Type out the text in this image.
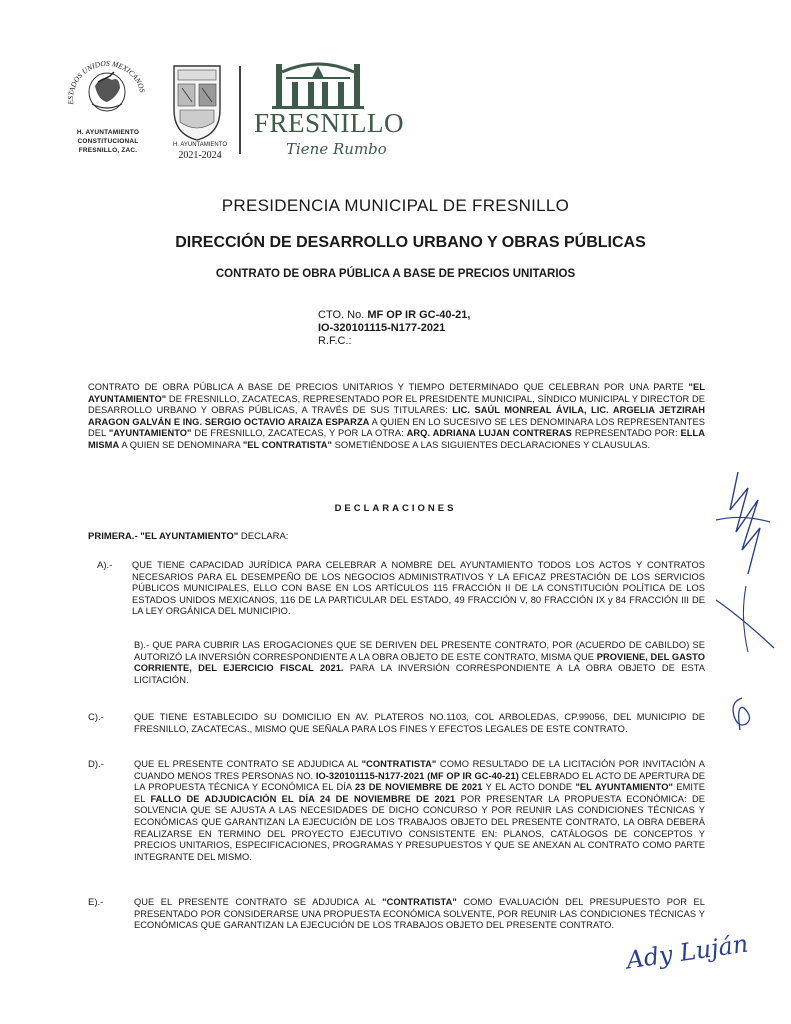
ESTADOS UNIDOS MEXICANOS
H. AYUNTAMIENTO
CONSTITUCIONAL
FRESNILLO, ZAC.
H. AYUNTAMIENTO
2021-2024
FRESNILLO
Tiene Rumbo
PRESIDENCIA MUNICIPAL DE FRESNILLO
DIRECCIÓN DE DESARROLLO URBANO Y OBRAS PÚBLICAS
CONTRATO DE OBRA PÚBLICA A BASE DE PRECIOS UNITARIOS
CTO. No. MF OP IR GC-40-21,
IO-320101115-N177-2021
R.F.C.:
CONTRATO DE OBRA PÚBLICA A BASE DE PRECIOS UNITARIOS Y TIEMPO DETERMINADO QUE CELEBRAN POR UNA PARTE "EL AYUNTAMIENTO" DE FRESNILLO, ZACATECAS, REPRESENTADO POR EL PRESIDENTE MUNICIPAL, SÍNDICO MUNICIPAL Y DIRECTOR DE DESARROLLO URBANO Y OBRAS PÚBLICAS, A TRAVÉS DE SUS TITULARES: LIC. SAÚL MONREAL ÁVILA, LIC. ARGELIA JETZIRAH ARAGON GALVÁN E ING. SERGIO OCTAVIO ARAIZA ESPARZA A QUIEN EN LO SUCESIVO SE LES DENOMINARA LOS REPRESENTANTES DEL "AYUNTAMIENTO" DE FRESNILLO, ZACATECAS, Y POR LA OTRA: ARQ. ADRIANA LUJAN CONTRERAS REPRESENTADO POR: ELLA MISMA A QUIEN SE DENOMINARA "EL CONTRATISTA" SOMETIÉNDOSE A LAS SIGUIENTES DECLARACIONES Y CLAUSULAS.
DECLARACIONES
PRIMERA.- "EL AYUNTAMIENTO" DECLARA:
A).- QUE TIENE CAPACIDAD JURÍDICA PARA CELEBRAR A NOMBRE DEL AYUNTAMIENTO TODOS LOS ACTOS Y CONTRATOS NECESARIOS PARA EL DESEMPEÑO DE LOS NEGOCIOS ADMINISTRATIVOS Y LA EFICAZ PRESTACIÓN DE LOS SERVICIOS PÚBLICOS MUNICIPALES, ELLO CON BASE EN LOS ARTÍCULOS 115 FRACCIÓN II DE LA CONSTITUCIÓN POLÍTICA DE LOS ESTADOS UNIDOS MEXICANOS, 116 DE LA PARTICULAR DEL ESTADO, 49 FRACCIÓN V, 80 FRACCIÓN IX y 84 FRACCIÓN III DE LA LEY ORGÁNICA DEL MUNICIPIO.
B).- QUE PARA CUBRIR LAS EROGACIONES QUE SE DERIVEN DEL PRESENTE CONTRATO, POR (ACUERDO DE CABILDO) SE AUTORIZÓ LA INVERSIÓN CORRESPONDIENTE A LA OBRA OBJETO DE ESTE CONTRATO, MISMA QUE PROVIENE, DEL GASTO CORRIENTE, DEL EJERCICIO FISCAL 2021. PARA LA INVERSIÓN CORRESPONDIENTE A LA OBRA OBJETO DE ESTA LICITACIÓN.
C).-	QUE TIENE ESTABLECIDO SU DOMICILIO EN AV. PLATEROS NO.1103, COL ARBOLEDAS, CP.99056, DEL MUNICIPIO DE FRESNILLO, ZACATECAS., MISMO QUE SEÑALA PARA LOS FINES Y EFECTOS LEGALES DE ESTE CONTRATO.
D).-	QUE EL PRESENTE CONTRATO SE ADJUDICA AL "CONTRATISTA" COMO RESULTADO DE LA LICITACIÓN POR INVITACIÓN A CUANDO MENOS TRES PERSONAS NO. IO-320101115-N177-2021 (MF OP IR GC-40-21) CELEBRADO EL ACTO DE APERTURA DE LA PROPUESTA TÉCNICA Y ECONÓMICA EL DÍA 23 DE NOVIEMBRE DE 2021 Y EL ACTO DONDE "EL AYUNTAMIENTO" EMITE EL FALLO DE ADJUDICACIÓN EL DÍA 24 DE NOVIEMBRE DE 2021 POR PRESENTAR LA PROPUESTA ECONÓMICA: DE SOLVENCIA QUE SE AJUSTA A LAS NECESIDADES DE DICHO CONCURSO Y POR REUNIR LAS CONDICIONES TÉCNICAS Y ECONÓMICAS QUE GARANTIZAN LA EJECUCIÓN DE LOS TRABAJOS OBJETO DEL PRESENTE CONTRATO, LA OBRA DEBERÁ REALIZARSE EN TERMINO DEL PROYECTO EJECUTIVO CONSISTENTE EN: PLANOS, CATÁLOGOS DE CONCEPTOS Y PRECIOS UNITARIOS, ESPECIFICACIONES, PROGRAMAS Y PRESUPUESTOS Y QUE SE ANEXAN AL CONTRATO COMO PARTE INTEGRANTE DEL MISMO.
E).-	QUE EL PRESENTE CONTRATO SE ADJUDICA AL "CONTRATISTA" COMO EVALUACIÓN DEL PRESUPUESTO POR EL PRESENTADO POR CONSIDERARSE UNA PROPUESTA ECONÓMICA SOLVENTE, POR REUNIR LAS CONDICIONES TÉCNICAS Y ECONÓMICAS QUE GARANTIZAN LA EJECUCIÓN DE LOS TRABAJOS OBJETO DEL PRESENTE CONTRATO.
Ady Luján
